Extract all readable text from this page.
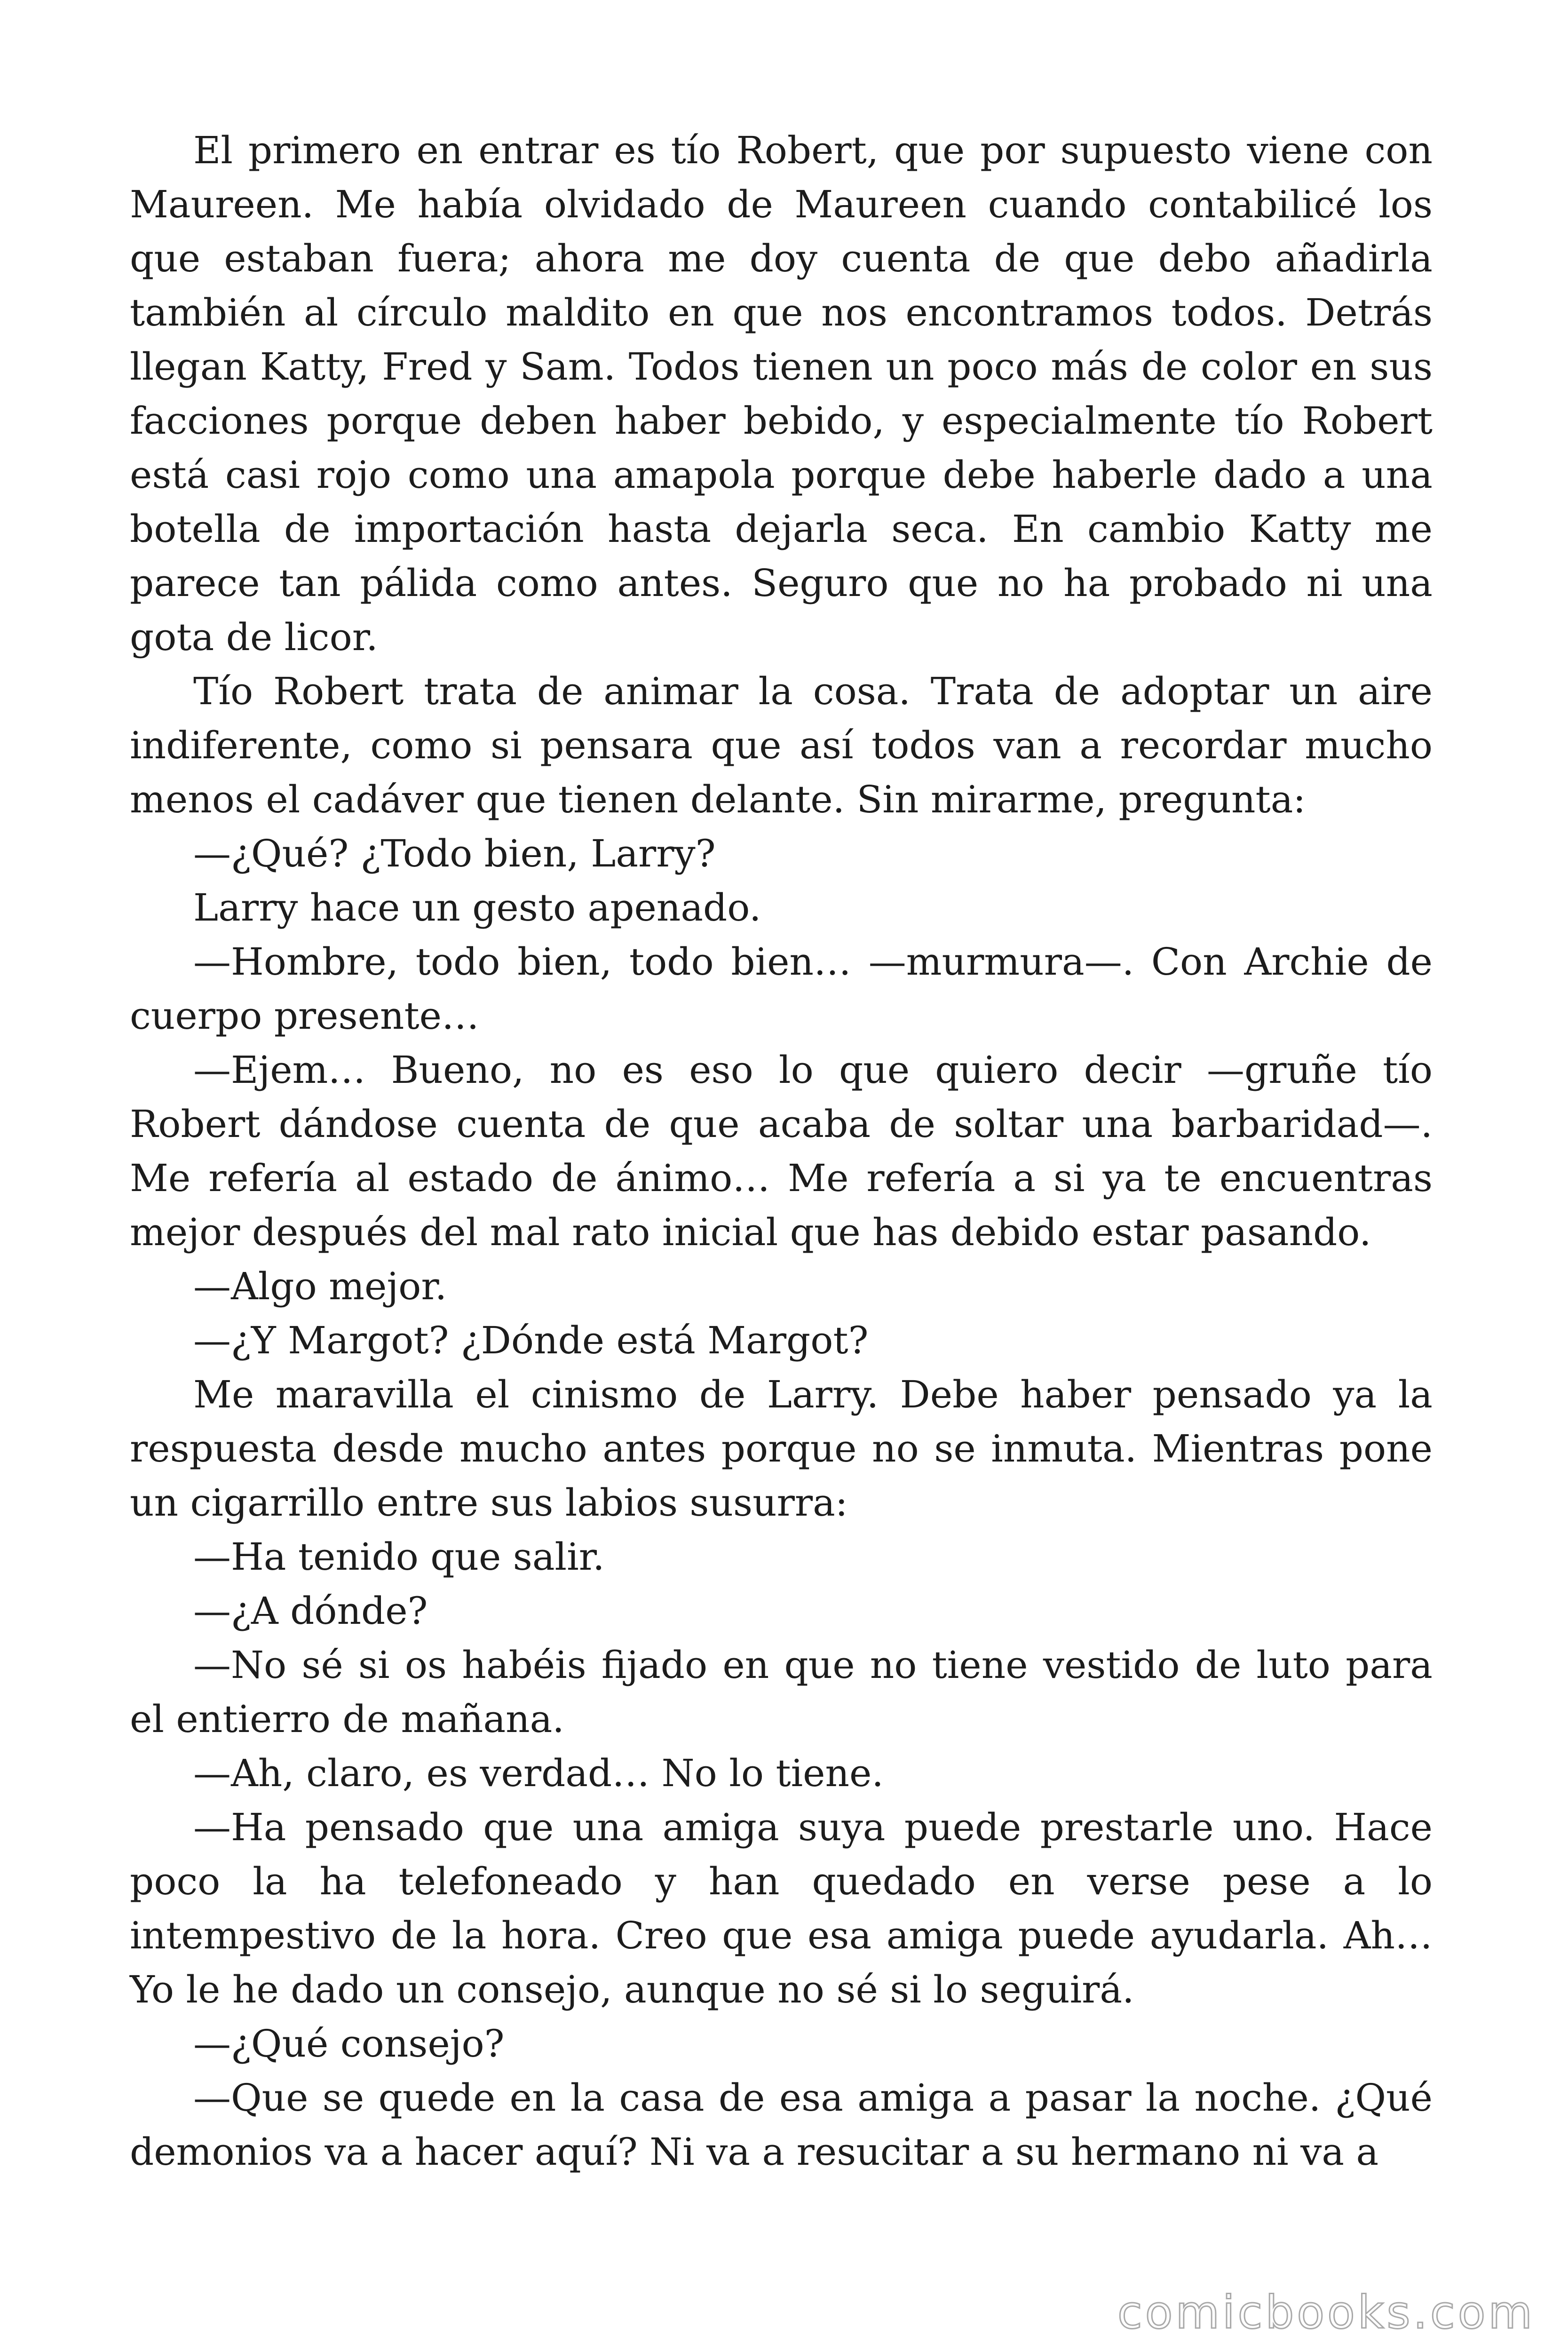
El primero en entrar es tío Robert, que por supuesto viene con Maureen. Me había olvidado de Maureen cuando contabilicé los que estaban fuera; ahora me doy cuenta de que debo añadirla también al círculo maldito en que nos encontramos todos. Detrás llegan Katty, Fred y Sam. Todos tienen un poco más de color en sus facciones porque deben haber bebido, y especialmente tío Robert está casi rojo como una amapola porque debe haberle dado a una botella de importación hasta dejarla seca. En cambio Katty me parece tan pálida como antes. Seguro que no ha probado ni una gota de licor.

Tío Robert trata de animar la cosa. Trata de adoptar un aire indiferente, como si pensara que así todos van a recordar mucho menos el cadáver que tienen delante. Sin mirarme, pregunta:

—¿Qué? ¿Todo bien, Larry?

Larry hace un gesto apenado.

—Hombre, todo bien, todo bien… —murmura—. Con Archie de cuerpo presente…

—Ejem… Bueno, no es eso lo que quiero decir —gruñe tío Robert dándose cuenta de que acaba de soltar una barbaridad—. Me refería al estado de ánimo… Me refería a si ya te encuentras mejor después del mal rato inicial que has debido estar pasando.

—Algo mejor.

—¿Y Margot? ¿Dónde está Margot?

Me maravilla el cinismo de Larry. Debe haber pensado ya la respuesta desde mucho antes porque no se inmuta. Mientras pone un cigarrillo entre sus labios susurra:

—Ha tenido que salir.

—¿A dónde?

—No sé si os habéis fijado en que no tiene vestido de luto para el entierro de mañana.

—Ah, claro, es verdad… No lo tiene.

—Ha pensado que una amiga suya puede prestarle uno. Hace poco la ha telefoneado y han quedado en verse pese a lo intempestivo de la hora. Creo que esa amiga puede ayudarla. Ah… Yo le he dado un consejo, aunque no sé si lo seguirá.

—¿Qué consejo?

—Que se quede en la casa de esa amiga a pasar la noche. ¿Qué demonios va a hacer aquí? Ni va a resucitar a su hermano ni va a

comicbooks.com
